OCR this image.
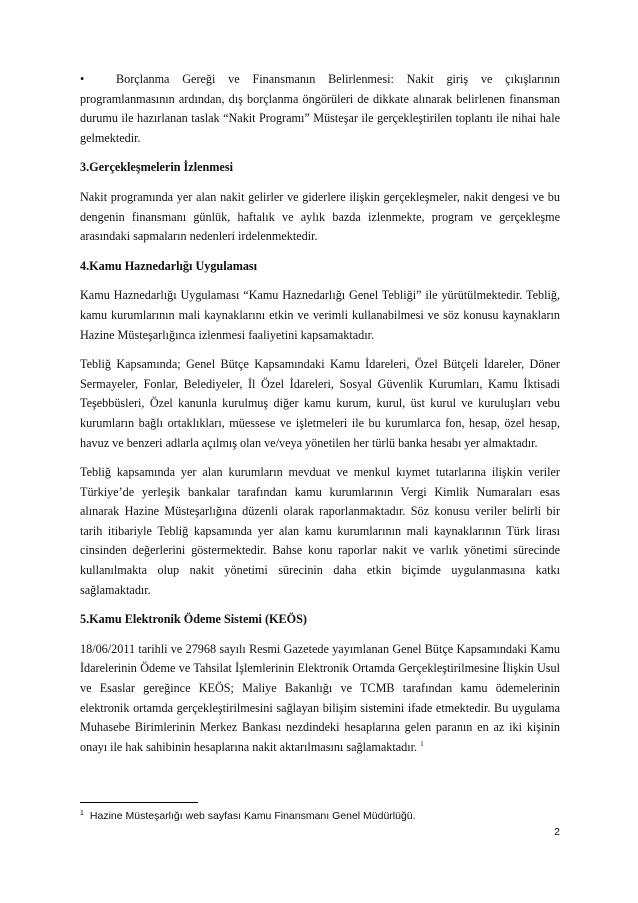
•	Borçlanma Gereği ve Finansmanın Belirlenmesi: Nakit giriş ve çıkışlarının programlanmasının ardından, dış borçlanma öngörüleri de dikkate alınarak belirlenen finansman durumu ile hazırlanan taslak “Nakit Programı” Müsteşar ile gerçekleştirilen toplantı ile nihai hale gelmektedir.

3.Gerçekleşmelerin İzlenmesi

Nakit programında yer alan nakit gelirler ve giderlere ilişkin gerçekleşmeler, nakit dengesi ve bu dengenin finansmanı günlük, haftalık ve aylık bazda izlenmekte, program ve gerçekleşme arasındaki sapmaların nedenleri irdelenmektedir.

4.Kamu Haznedarlığı Uygulaması

Kamu Haznedarlığı Uygulaması “Kamu Haznedarlığı Genel Tebliği” ile yürütülmektedir. Tebliğ, kamu kurumlarının mali kaynaklarını etkin ve verimli kullanabilmesi ve söz konusu kaynakların Hazine Müsteşarlığınca izlenmesi faaliyetini kapsamaktadır.

Tebliğ Kapsamında; Genel Bütçe Kapsamındaki Kamu İdareleri, Özel Bütçeli İdareler, Döner Sermayeler, Fonlar, Belediyeler, İl Özel İdareleri, Sosyal Güvenlik Kurumları, Kamu İktisadi Teşebbüsleri, Özel kanunla kurulmuş diğer kamu kurum, kurul, üst kurul ve kuruluşları vebu kurumların bağlı ortaklıkları, müessese ve işletmeleri ile bu kurumlarca fon, hesap, özel hesap, havuz ve benzeri adlarla açılmış olan ve/veya yönetilen her türlü banka hesabı yer almaktadır.

Tebliğ kapsamında yer alan kurumların mevduat ve menkul kıymet tutarlarına ilişkin veriler Türkiye’de yerleşik bankalar tarafından kamu kurumlarının Vergi Kimlik Numaraları esas alınarak Hazine Müsteşarlığına düzenli olarak raporlanmaktadır. Söz konusu veriler belirli bir tarih itibariyle Tebliğ kapsamında yer alan kamu kurumlarının mali kaynaklarının Türk lirası cinsinden değerlerini göstermektedir. Bahse konu raporlar nakit ve varlık yönetimi sürecinde kullanılmakta olup nakit yönetimi sürecinin daha etkin biçimde uygulanmasına katkı sağlamaktadır.

5.Kamu Elektronik Ödeme Sistemi (KEÖS)

18/06/2011 tarihli ve 27968 sayılı Resmi Gazetede yayımlanan Genel Bütçe Kapsamındaki Kamu İdarelerinin Ödeme ve Tahsilat İşlemlerinin Elektronik Ortamda Gerçekleştirilmesine İlişkin Usul ve Esaslar gereğince KEÖS; Maliye Bakanlığı ve TCMB tarafından kamu ödemelerinin elektronik ortamda gerçekleştirilmesini sağlayan bilişim sistemini ifade etmektedir. Bu uygulama Muhasebe Birimlerinin Merkez Bankası nezdindeki hesaplarına gelen paranın en az iki kişinin onayı ile hak sahibinin hesaplarına nakit aktarılmasını sağlamaktadır. $^1$

$^1$ Hazine Müsteşarlığı web sayfası Kamu Finansmanı Genel Müdürlüğü.
2
